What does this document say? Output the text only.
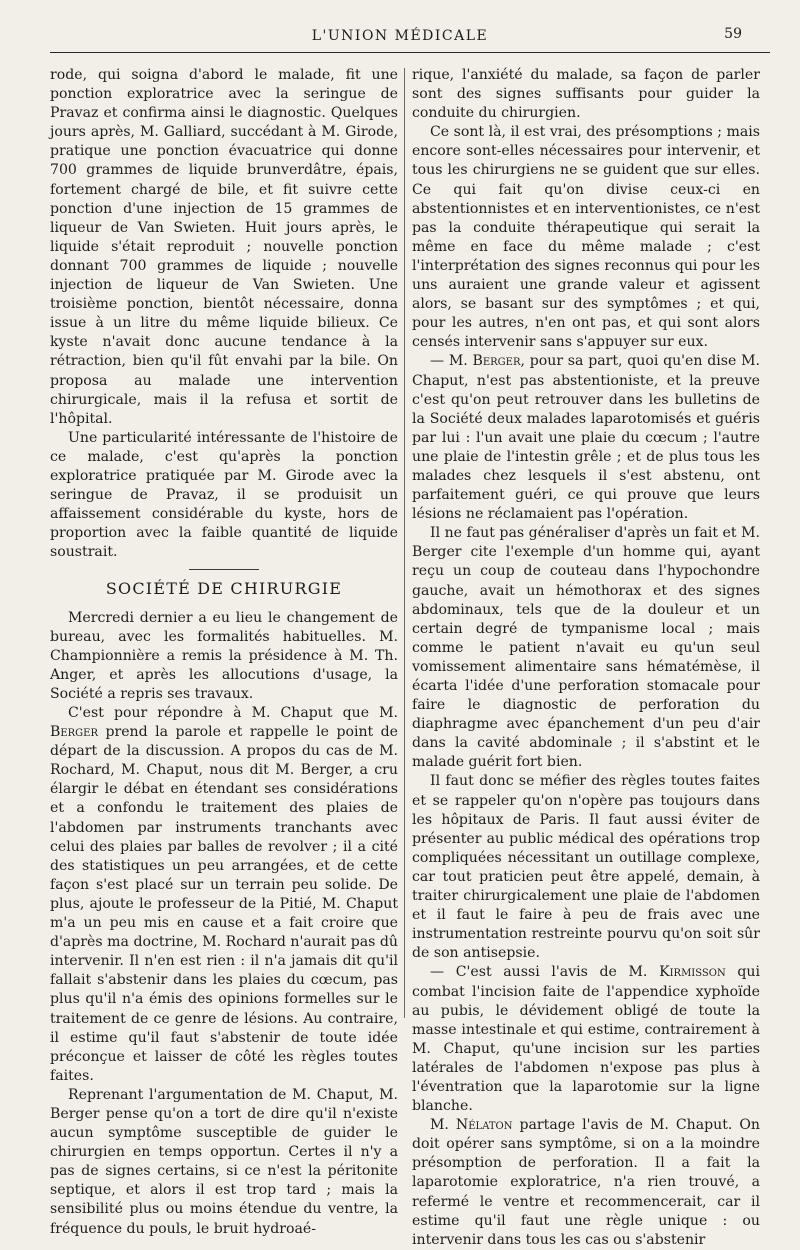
L'UNION MÉDICALE	59

rode, qui soigna d'abord le malade, fit une ponction exploratrice avec la seringue de Pravaz et confirma ainsi le diagnostic. Quelques jours après, M. Galliard, succédant à M. Girode, pratique une ponction évacuatrice qui donne 700 grammes de liquide brunverdâtre, épais, fortement chargé de bile, et fit suivre cette ponction d'une injection de 15 grammes de liqueur de Van Swieten. Huit jours après, le liquide s'était reproduit ; nouvelle ponction donnant 700 grammes de liquide ; nouvelle injection de liqueur de Van Swieten. Une troisième ponction, bientôt nécessaire, donna issue à un litre du même liquide bilieux. Ce kyste n'avait donc aucune tendance à la rétraction, bien qu'il fût envahi par la bile. On proposa au malade une intervention chirurgicale, mais il la refusa et sortit de l'hôpital.

Une particularité intéressante de l'histoire de ce malade, c'est qu'après la ponction exploratrice pratiquée par M. Girode avec la seringue de Pravaz, il se produisit un affaissement considérable du kyste, hors de proportion avec la faible quantité de liquide soustrait.

SOCIÉTÉ DE CHIRURGIE

Mercredi dernier a eu lieu le changement de bureau, avec les formalités habituelles. M. Championnière a remis la présidence à M. Th. Anger, et après les allocutions d'usage, la Société a repris ses travaux.

C'est pour répondre à M. Chaput que M. Berger prend la parole et rappelle le point de départ de la discussion. A propos du cas de M. Rochard, M. Chaput, nous dit M. Berger, a cru élargir le débat en étendant ses considérations et a confondu le traitement des plaies de l'abdomen par instruments tranchants avec celui des plaies par balles de revolver ; il a cité des statistiques un peu arrangées, et de cette façon s'est placé sur un terrain peu solide. De plus, ajoute le professeur de la Pitié, M. Chaput m'a un peu mis en cause et a fait croire que d'après ma doctrine, M. Rochard n'aurait pas dû intervenir. Il n'en est rien : il n'a jamais dit qu'il fallait s'abstenir dans les plaies du cœcum, pas plus qu'il n'a émis des opinions formelles sur le traitement de ce genre de lésions. Au contraire, il estime qu'il faut s'abstenir de toute idée préconçue et laisser de côté les règles toutes faites.

Reprenant l'argumentation de M. Chaput, M. Berger pense qu'on a tort de dire qu'il n'existe aucun symptôme susceptible de guider le chirurgien en temps opportun. Certes il n'y a pas de signes certains, si ce n'est la péritonite septique, et alors il est trop tard ; mais la sensibilité plus ou moins étendue du ventre, la fréquence du pouls, le bruit hydroaé-

rique, l'anxiété du malade, sa façon de parler sont des signes suffisants pour guider la conduite du chirurgien.

Ce sont là, il est vrai, des présomptions ; mais encore sont-elles nécessaires pour intervenir, et tous les chirurgiens ne se guident que sur elles. Ce qui fait qu'on divise ceux-ci en abstentionnistes et en interventionistes, ce n'est pas la conduite thérapeutique qui serait la même en face du même malade ; c'est l'interprétation des signes reconnus qui pour les uns auraient une grande valeur et agissent alors, se basant sur des symptômes ; et qui, pour les autres, n'en ont pas, et qui sont alors censés intervenir sans s'appuyer sur eux.

— M. Berger, pour sa part, quoi qu'en dise M. Chaput, n'est pas abstentioniste, et la preuve c'est qu'on peut retrouver dans les bulletins de la Société deux malades laparotomisés et guéris par lui : l'un avait une plaie du cœcum ; l'autre une plaie de l'intestin grêle ; et de plus tous les malades chez lesquels il s'est abstenu, ont parfaitement guéri, ce qui prouve que leurs lésions ne réclamaient pas l'opération.

Il ne faut pas généraliser d'après un fait et M. Berger cite l'exemple d'un homme qui, ayant reçu un coup de couteau dans l'hypochondre gauche, avait un hémothorax et des signes abdominaux, tels que de la douleur et un certain degré de tympanisme local ; mais comme le patient n'avait eu qu'un seul vomissement alimentaire sans hématémèse, il écarta l'idée d'une perforation stomacale pour faire le diagnostic de perforation du diaphragme avec épanchement d'un peu d'air dans la cavité abdominale ; il s'abstint et le malade guérit fort bien.

Il faut donc se méfier des règles toutes faites et se rappeler qu'on n'opère pas toujours dans les hôpitaux de Paris. Il faut aussi éviter de présenter au public médical des opérations trop compliquées nécessitant un outillage complexe, car tout praticien peut être appelé, demain, à traiter chirurgicalement une plaie de l'abdomen et il faut le faire à peu de frais avec une instrumentation restreinte pourvu qu'on soit sûr de son antisepsie.

— C'est aussi l'avis de M. Kirmisson qui combat l'incision faite de l'appendice xyphoïde au pubis, le dévidement obligé de toute la masse intestinale et qui estime, contrairement à M. Chaput, qu'une incision sur les parties latérales de l'abdomen n'expose pas plus à l'éventration que la laparotomie sur la ligne blanche.

M. Nélaton partage l'avis de M. Chaput. On doit opérer sans symptôme, si on a la moindre présomption de perforation. Il a fait la laparotomie exploratrice, n'a rien trouvé, a refermé le ventre et recommencerait, car il estime qu'il faut une règle unique : ou intervenir dans tous les cas ou s'abstenir
